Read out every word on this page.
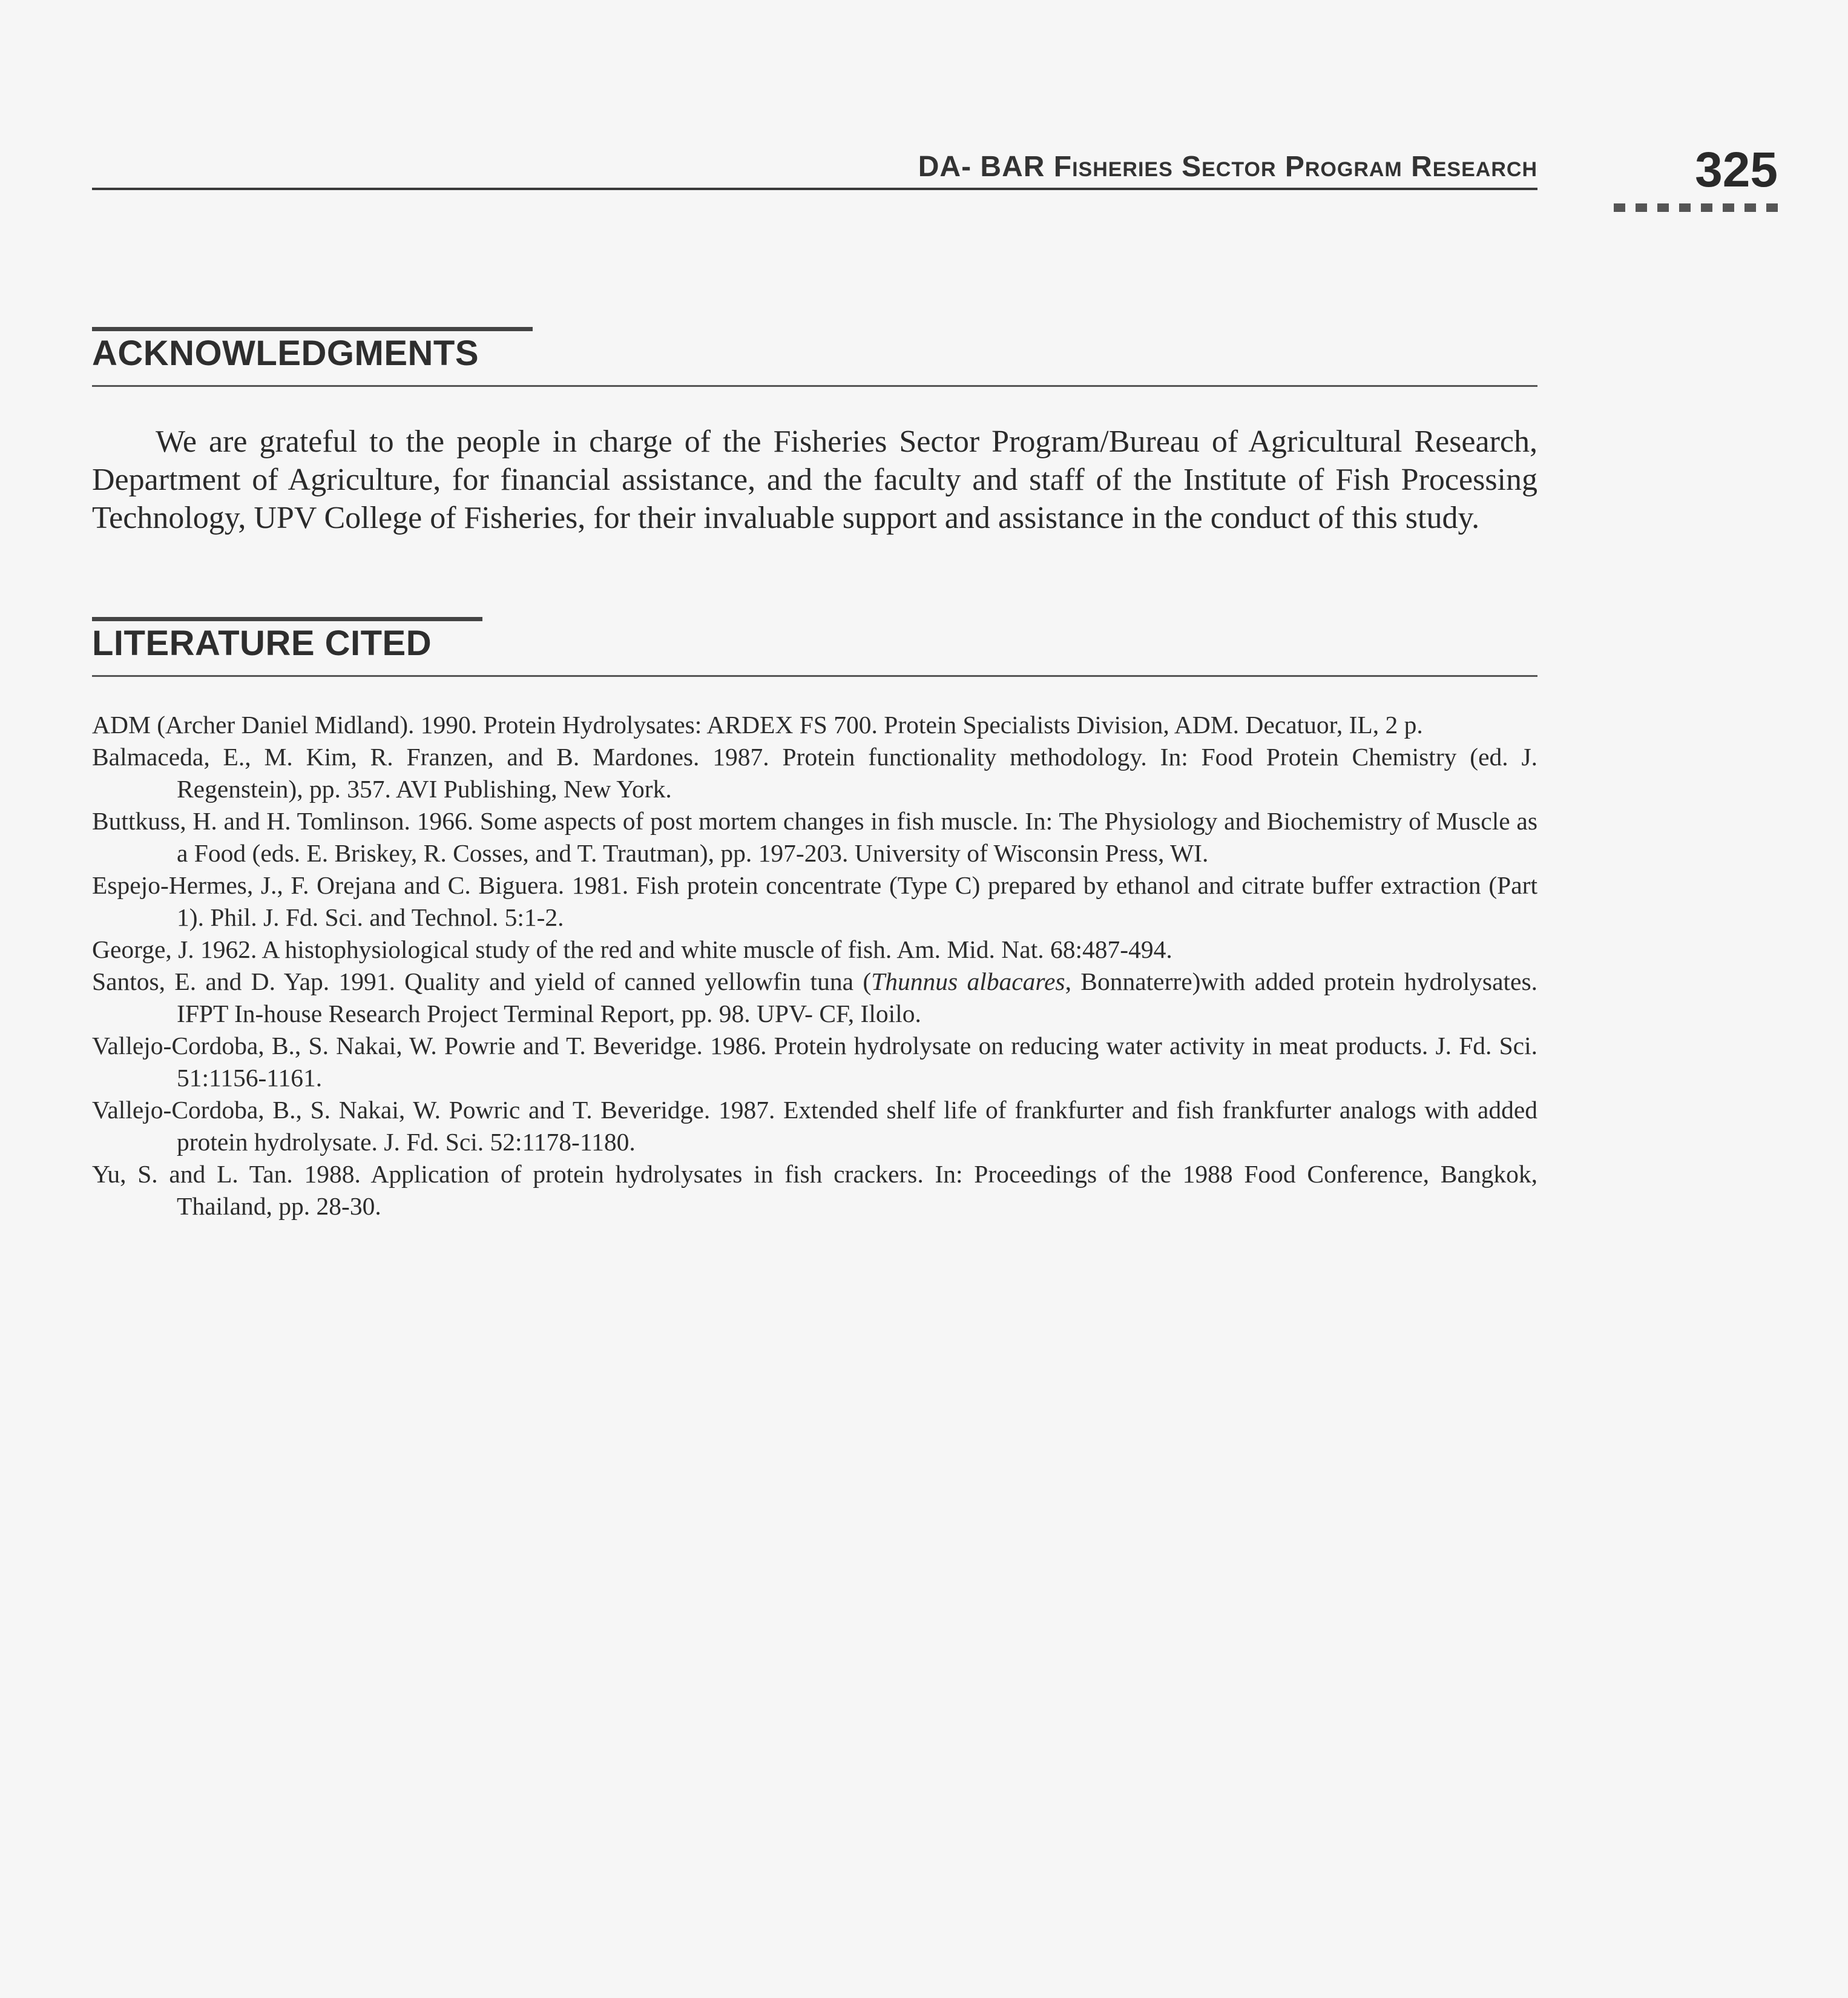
DA- BAR Fisheries Sector Program Research	325
ACKNOWLEDGMENTS

We are grateful to the people in charge of the Fisheries Sector Program/Bureau of Agricultural Research, Department of Agriculture, for financial assistance, and the faculty and staff of the Institute of Fish Processing Technology, UPV College of Fisheries, for their invaluable support and assistance in the conduct of this study.

LITERATURE CITED
ADM (Archer Daniel Midland). 1990. Protein Hydrolysates: ARDEX FS 700. Protein Specialists Division, ADM. Decatuor, IL, 2 p.
Balmaceda, E., M. Kim, R. Franzen, and B. Mardones. 1987. Protein functionality methodology. In: Food Protein Chemistry (ed. J. Regenstein), pp. 357. AVI Publishing, New York.
Buttkuss, H. and H. Tomlinson. 1966. Some aspects of post mortem changes in fish muscle. In: The Physiology and Biochemistry of Muscle as a Food (eds. E. Briskey, R. Cosses, and T. Trautman), pp. 197-203. University of Wisconsin Press, WI.
Espejo-Hermes, J., F. Orejana and C. Biguera. 1981. Fish protein concentrate (Type C) prepared by ethanol and citrate buffer extraction (Part 1). Phil. J. Fd. Sci. and Technol. 5:1-2.
George, J. 1962. A histophysiological study of the red and white muscle of fish. Am. Mid. Nat. 68:487-494.
Santos, E. and D. Yap. 1991. Quality and yield of canned yellowfin tuna (Thunnus albacares, Bonnaterre)with added protein hydrolysates. IFPT In-house Research Project Terminal Report, pp. 98. UPV- CF, Iloilo.
Vallejo-Cordoba, B., S. Nakai, W. Powrie and T. Beveridge. 1986. Protein hydrolysate on reducing water activity in meat products. J. Fd. Sci. 51:1156-1161.
Vallejo-Cordoba, B., S. Nakai, W. Powric and T. Beveridge. 1987. Extended shelf life of frankfurter and fish frankfurter analogs with added protein hydrolysate. J. Fd. Sci. 52:1178-1180.
Yu, S. and L. Tan. 1988. Application of protein hydrolysates in fish crackers. In: Proceedings of the 1988 Food Conference, Bangkok, Thailand, pp. 28-30.
